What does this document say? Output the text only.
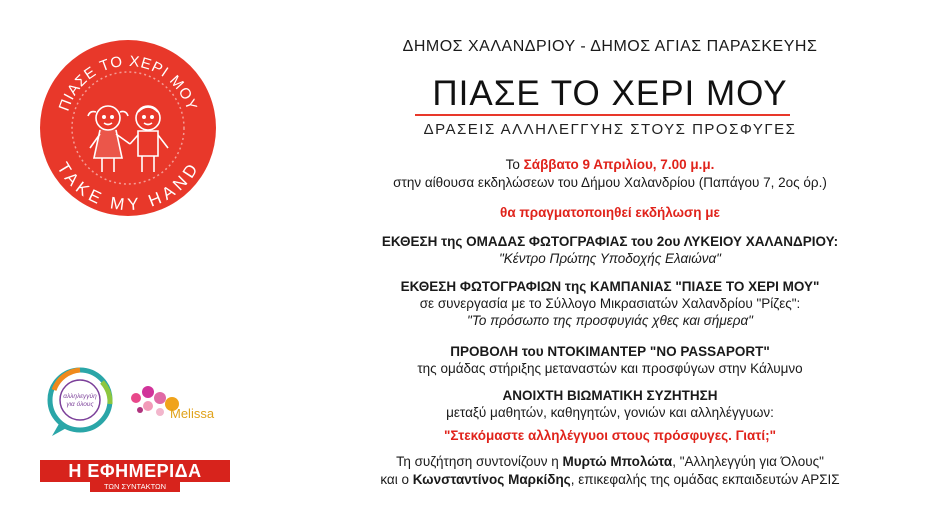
ΠΙΑΣΕ ΤΟ ΧΕΡΙ ΜΟΥ
TAKE MY HAND
αλληλεγγύη
για όλους
Melissa
Η ΕΦΗΜΕΡΙΔΑ
ΤΩΝ ΣΥΝΤΑΚΤΩΝ
ΔΗΜΟΣ ΧΑΛΑΝΔΡΙΟΥ - ΔΗΜΟΣ ΑΓΙΑΣ ΠΑΡΑΣΚΕΥΗΣ
ΠΙΑΣΕ ΤΟ ΧΕΡΙ ΜΟΥ
ΔΡΑΣΕΙΣ ΑΛΛΗΛΕΓΓΥΗΣ ΣΤΟΥΣ ΠΡΟΣΦΥΓΕΣ
Το Σάββατο 9 Απριλίου, 7.00 μ.μ.
στην αίθουσα εκδηλώσεων του Δήμου Χαλανδρίου (Παπάγου 7, 2ος όρ.)
θα πραγματοποιηθεί εκδήλωση με
ΕΚΘΕΣΗ της ΟΜΑΔΑΣ ΦΩΤΟΓΡΑΦΙΑΣ του 2ου ΛΥΚΕΙΟΥ ΧΑΛΑΝΔΡΙΟΥ:
"Κέντρο Πρώτης Υποδοχής Ελαιώνα"
ΕΚΘΕΣΗ ΦΩΤΟΓΡΑΦΙΩΝ της ΚΑΜΠΑΝΙΑΣ "ΠΙΑΣΕ ΤΟ ΧΕΡΙ ΜΟΥ"
σε συνεργασία με το Σύλλογο Μικρασιατών Χαλανδρίου "Ρίζες":
"Το πρόσωπο της προσφυγιάς χθες και σήμερα"
ΠΡΟΒΟΛΗ του ΝΤΟΚΙΜΑΝΤΕΡ "NO PASSAPORT"
της ομάδας στήριξης μεταναστών και προσφύγων στην Κάλυμνο
ΑΝΟΙΧΤΗ ΒΙΩΜΑΤΙΚΗ ΣΥΖΗΤΗΣΗ
μεταξύ μαθητών, καθηγητών, γονιών και αλληλέγγυων:
"Στεκόμαστε αλληλέγγυοι στους πρόσφυγες. Γιατί;"
Τη συζήτηση συντονίζουν η Μυρτώ Μπολώτα, "Αλληλεγγύη για Όλους"
και ο Κωνσταντίνος Μαρκίδης, επικεφαλής της ομάδας εκπαιδευτών ΑΡΣΙΣ
